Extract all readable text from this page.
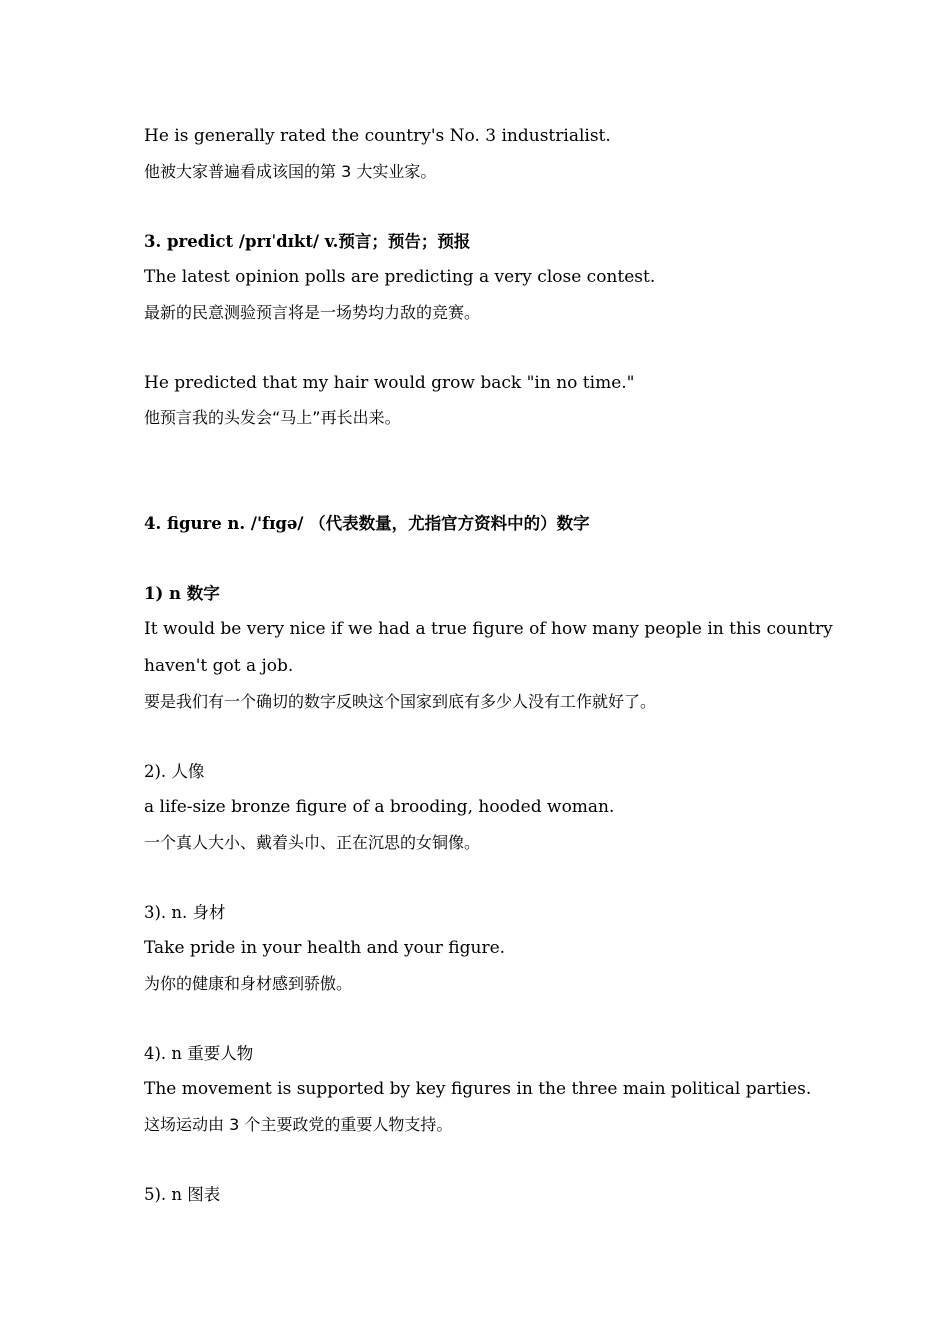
He is generally rated the country's No. 3 industrialist.
他被大家普遍看成该国的第 3 大实业家。
3. predict /prɪˈdɪkt/ v.预言；预告；预报
The latest opinion polls are predicting a very close contest.
最新的民意测验预言将是一场势均力敌的竞赛。
He predicted that my hair would grow back "in no time."
他预言我的头发会“马上”再长出来。
4. figure n. /'fɪgə/ （代表数量，尤指官方资料中的）数字
1) n 数字
It would be very nice if we had a true figure of how many people in this country
haven't got a job.
要是我们有一个确切的数字反映这个国家到底有多少人没有工作就好了。
2). 人像
a life-size bronze figure of a brooding, hooded woman.
一个真人大小、戴着头巾、正在沉思的女铜像。
3). n. 身材
Take pride in your health and your figure.
为你的健康和身材感到骄傲。
4). n 重要人物
The movement is supported by key figures in the three main political parties.
这场运动由 3 个主要政党的重要人物支持。
5). n 图表
